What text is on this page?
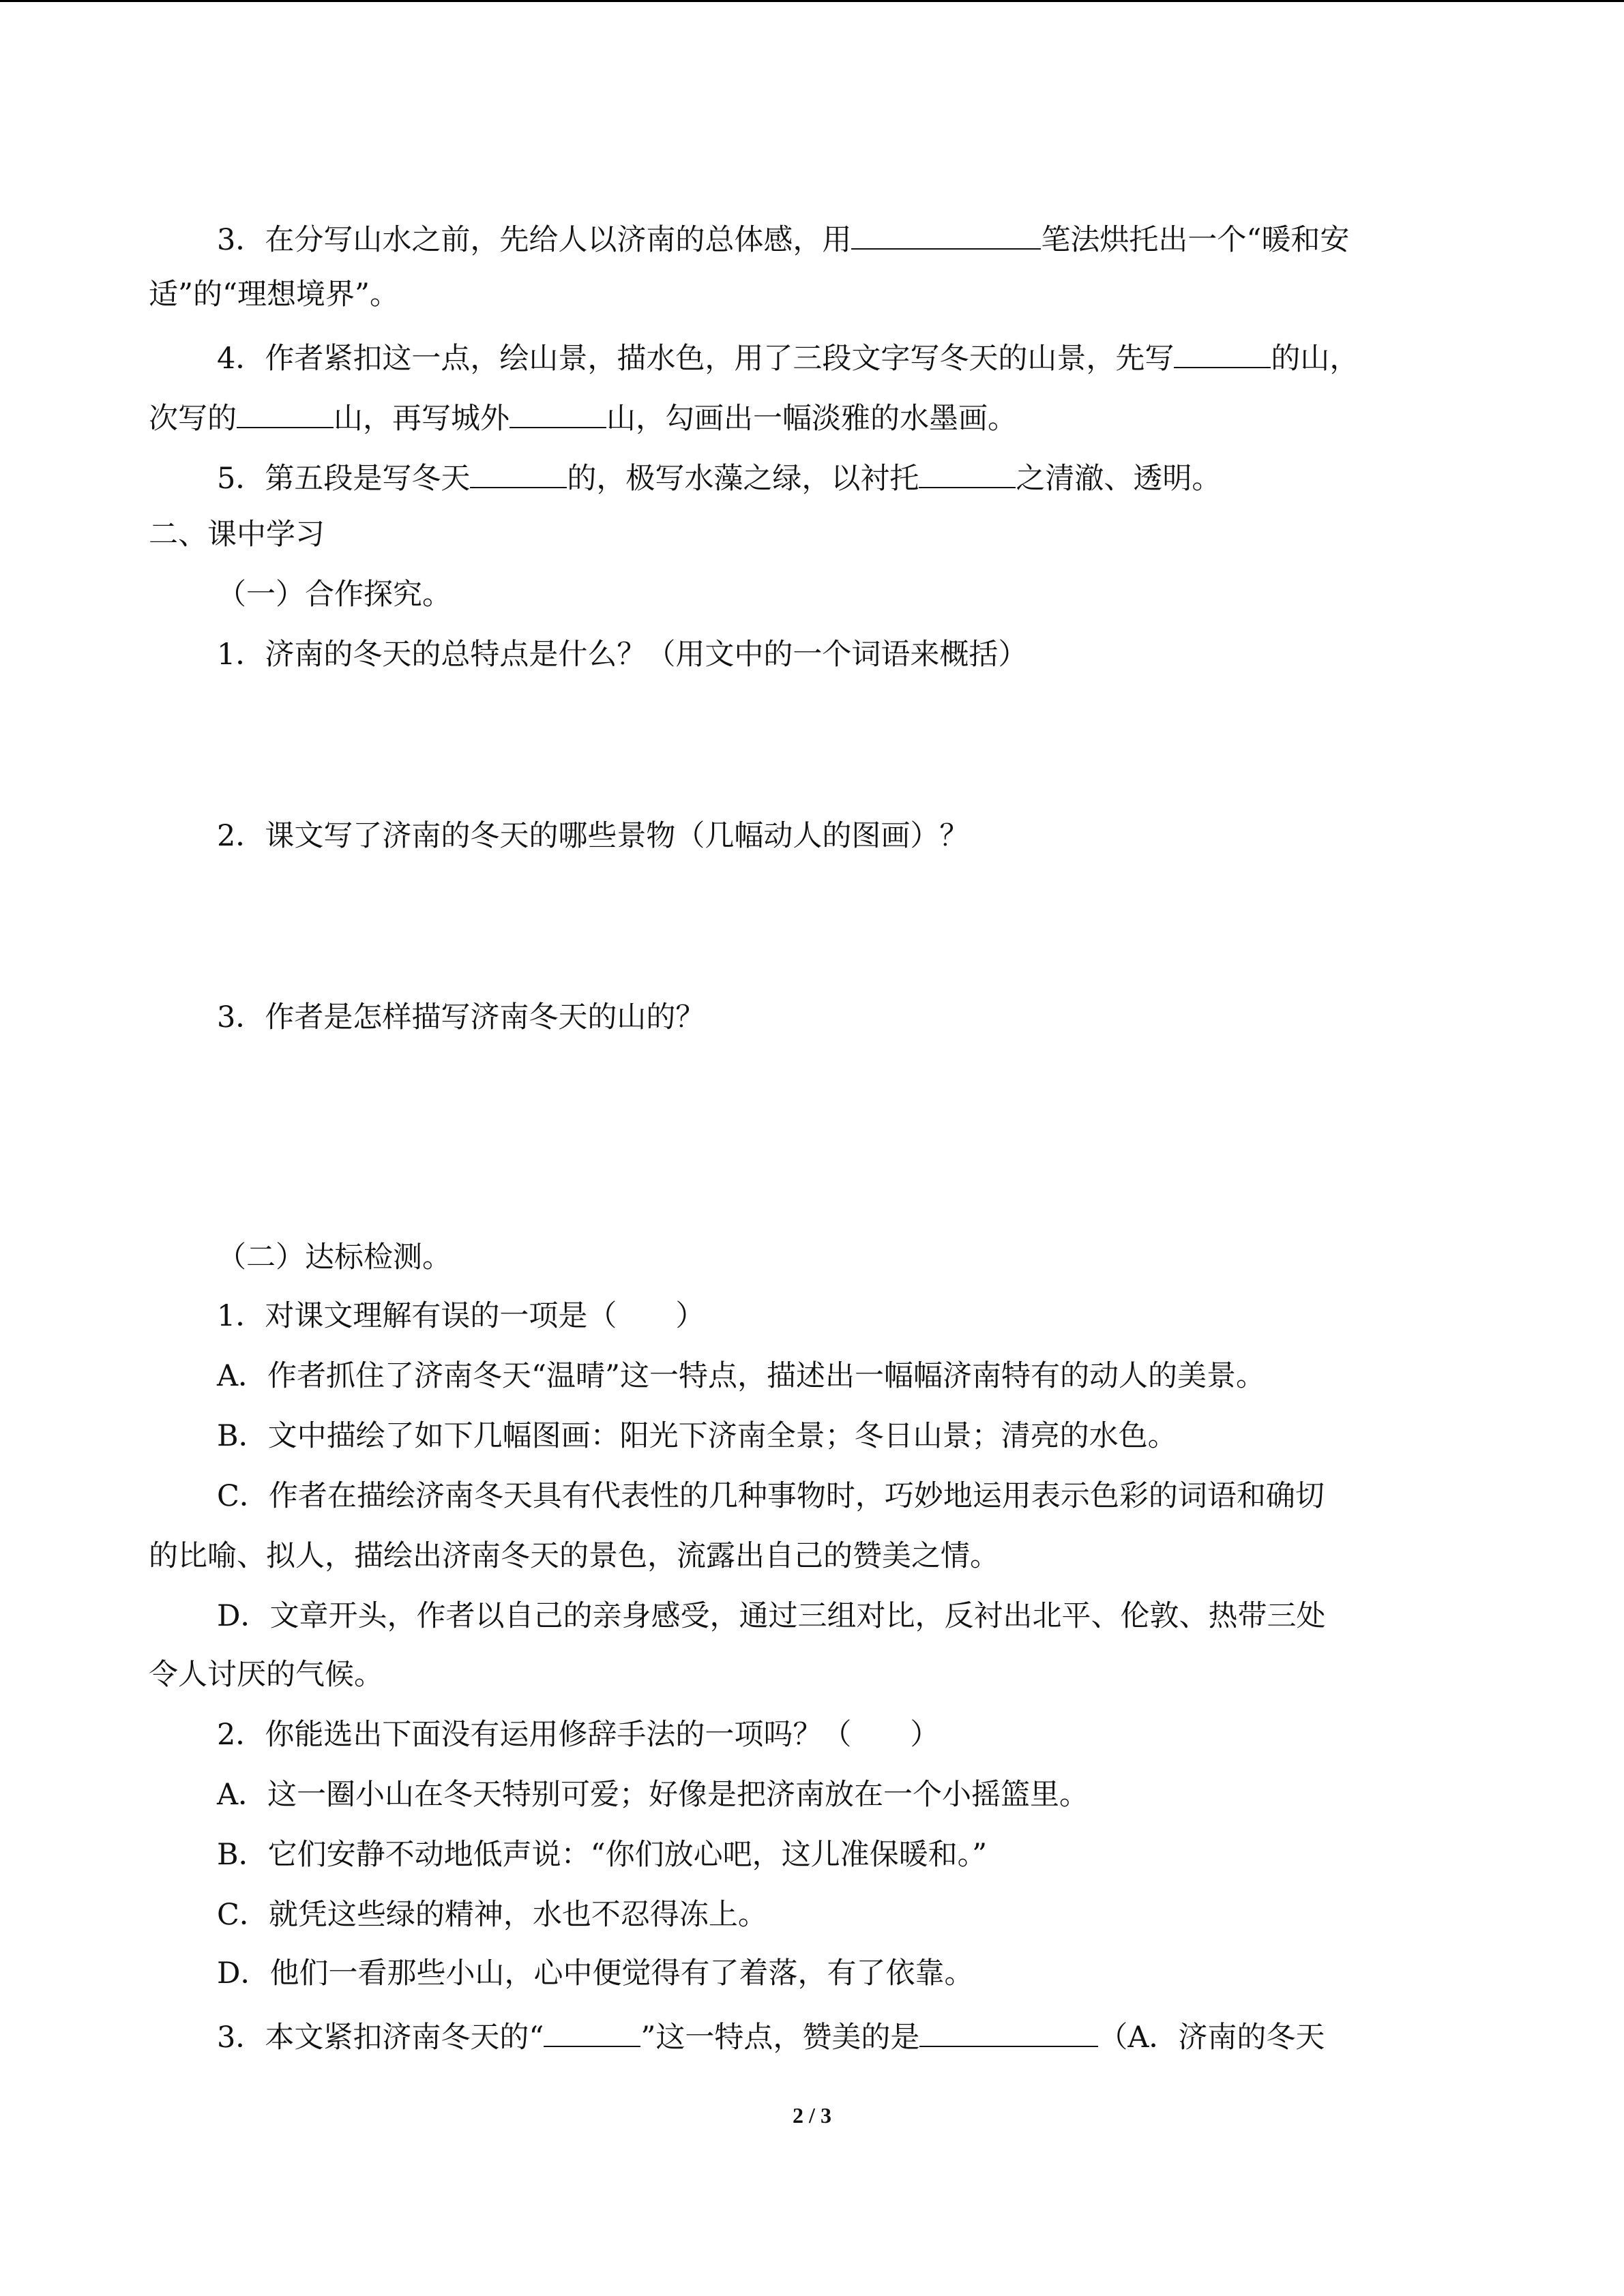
3．在分写山水之前，先给人以济南的总体感，用	笔法烘托出一个“暖和安
适”的“理想境界”。
4．作者紧扣这一点，绘山景，描水色，用了三段文字写冬天的山景，先写	的山，
次写的	山，再写城外	山，勾画出一幅淡雅的水墨画。
5．第五段是写冬天	的，极写水藻之绿，以衬托	之清澈、透明。
二、课中学习
（一）合作探究。
1．济南的冬天的总特点是什么？（用文中的一个词语来概括）
2．课文写了济南的冬天的哪些景物（几幅动人的图画）？
3．作者是怎样描写济南冬天的山的？
（二）达标检测。
1．对课文理解有误的一项是（　　）
A．作者抓住了济南冬天“温晴”这一特点，描述出一幅幅济南特有的动人的美景。
B．文中描绘了如下几幅图画：阳光下济南全景；冬日山景；清亮的水色。
C．作者在描绘济南冬天具有代表性的几种事物时，巧妙地运用表示色彩的词语和确切
的比喻、拟人，描绘出济南冬天的景色，流露出自己的赞美之情。
D．文章开头，作者以自己的亲身感受，通过三组对比，反衬出北平、伦敦、热带三处
令人讨厌的气候。
2．你能选出下面没有运用修辞手法的一项吗？（　　）
A．这一圈小山在冬天特别可爱；好像是把济南放在一个小摇篮里。
B．它们安静不动地低声说：“你们放心吧，这儿准保暖和。”
C．就凭这些绿的精神，水也不忍得冻上。
D．他们一看那些小山，心中便觉得有了着落，有了依靠。
3．本文紧扣济南冬天的“	”这一特点，赞美的是	（A．济南的冬天
2 / 3
